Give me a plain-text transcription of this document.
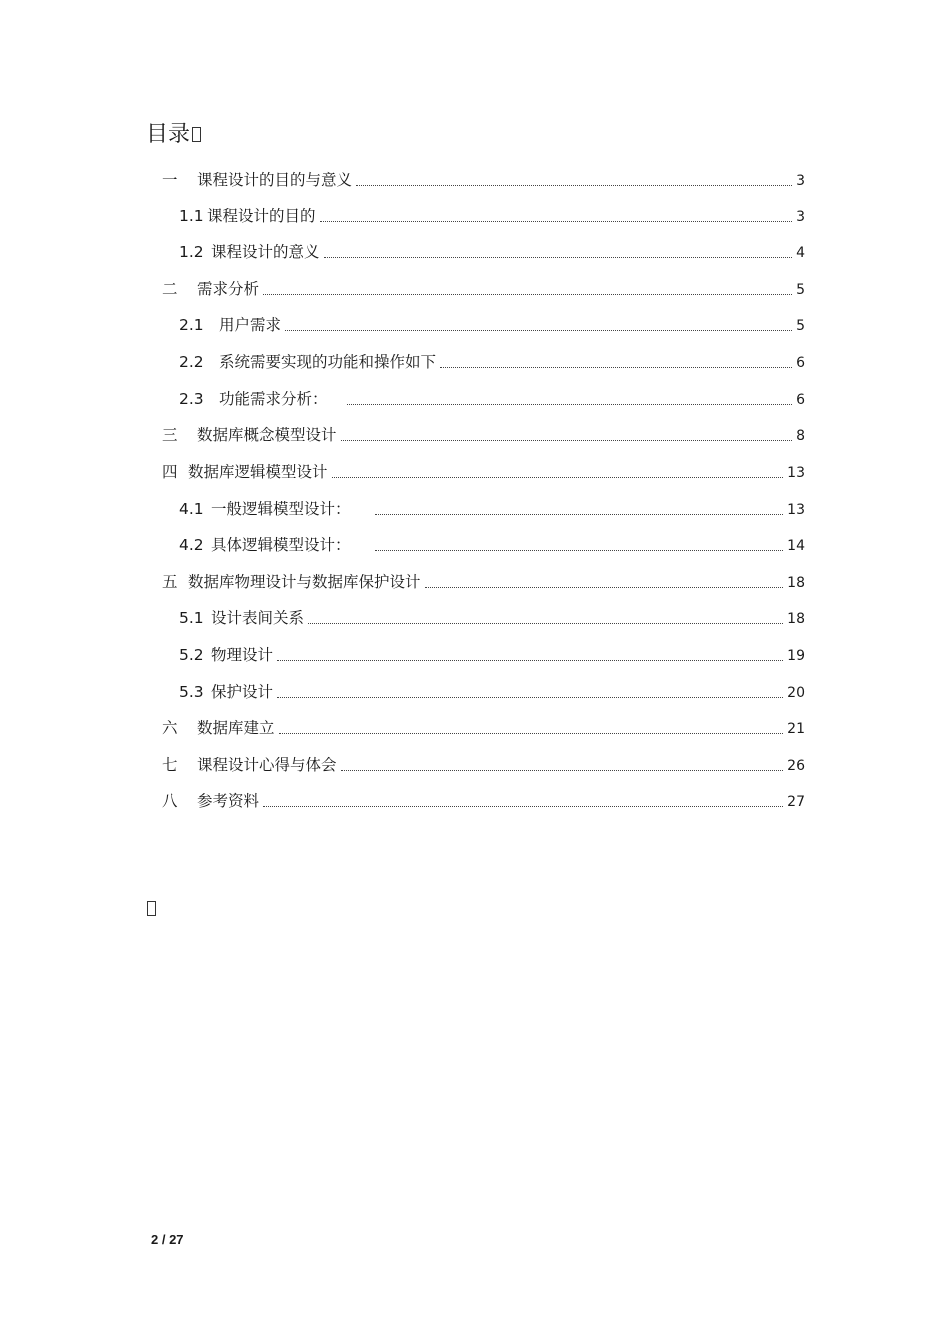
目录
一	课程设计的目的与意义	3
1.1 课程设计的目的	3
1.2 课程设计的意义	4
二	需求分析	5
2.1 用户需求	5
2.2 系统需要实现的功能和操作如下	6
2.3 功能需求分析：	6
三	数据库概念模型设计	8
四 数据库逻辑模型设计	13
4.1 一般逻辑模型设计：	13
4.2 具体逻辑模型设计：	14
五 数据库物理设计与数据库保护设计	18
5.1 设计表间关系	18
5.2 物理设计	19
5.3 保护设计	20
六	数据库建立	21
七	课程设计心得与体会	26
八	参考资料	27
2 / 27
